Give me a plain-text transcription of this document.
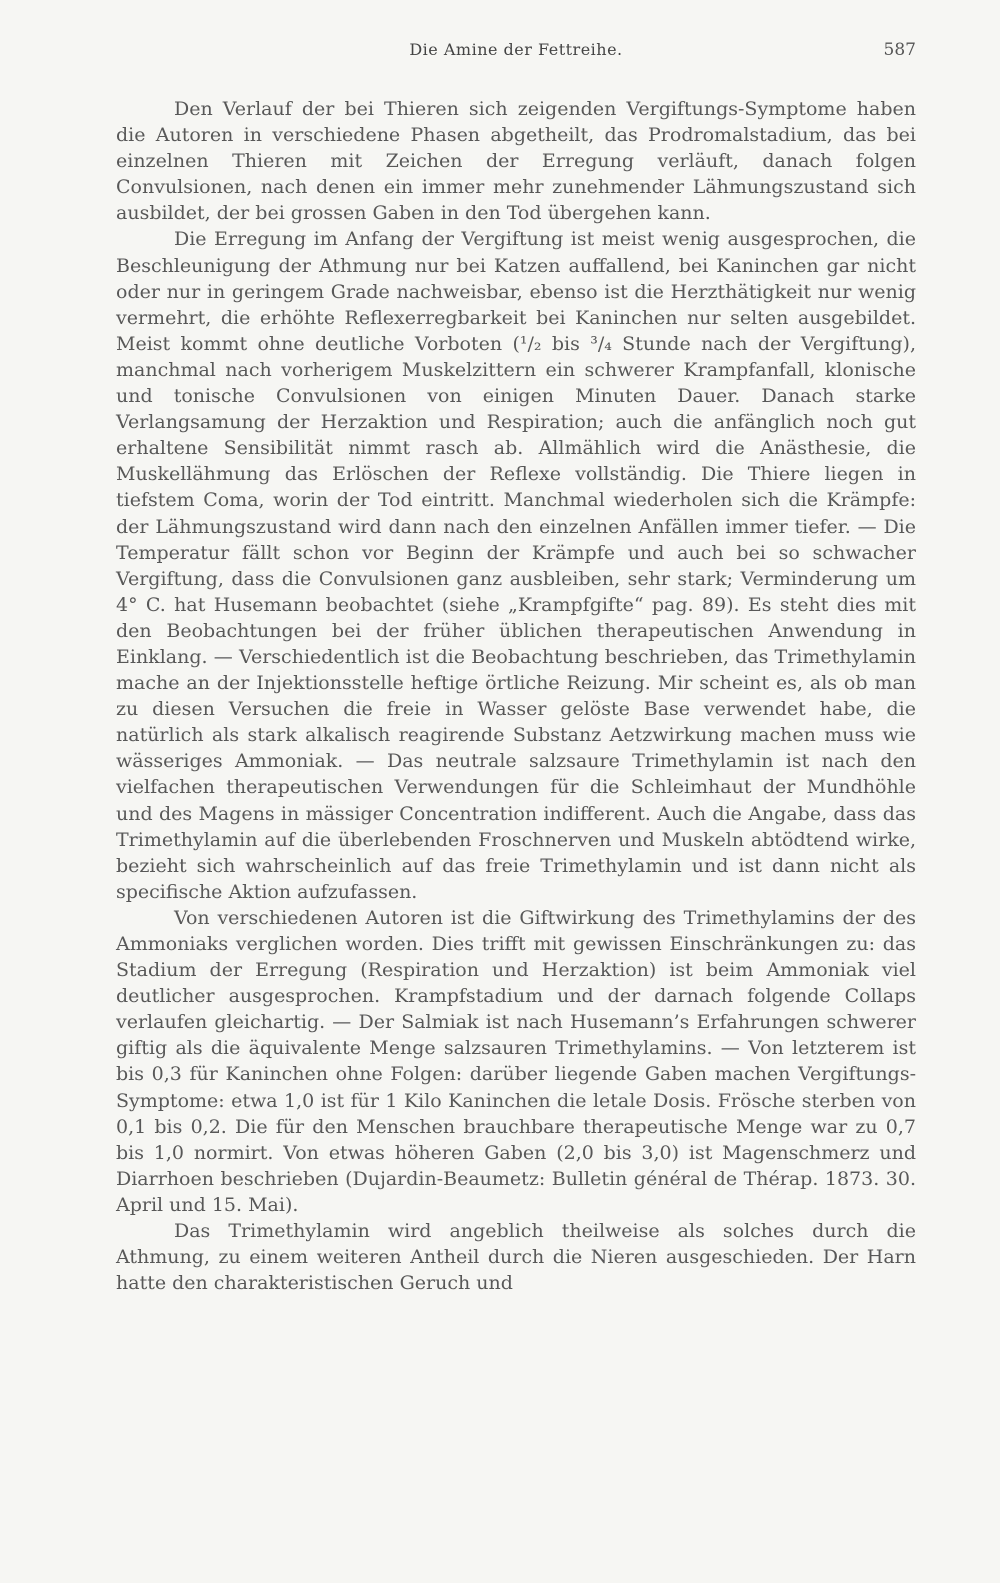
Die Amine der Fettreihe.	587

Den Verlauf der bei Thieren sich zeigenden Vergiftungs-Symptome haben die Autoren in verschiedene Phasen abgetheilt, das Prodromalstadium, das bei einzelnen Thieren mit Zeichen der Erregung verläuft, danach folgen Convulsionen, nach denen ein immer mehr zunehmender Lähmungszustand sich ausbildet, der bei grossen Gaben in den Tod übergehen kann.

Die Erregung im Anfang der Vergiftung ist meist wenig ausgesprochen, die Beschleunigung der Athmung nur bei Katzen auffallend, bei Kaninchen gar nicht oder nur in geringem Grade nachweisbar, ebenso ist die Herzthätigkeit nur wenig vermehrt, die erhöhte Reflexerregbarkeit bei Kaninchen nur selten ausgebildet. Meist kommt ohne deutliche Vorboten (¹/₂ bis ³/₄ Stunde nach der Vergiftung), manchmal nach vorherigem Muskelzittern ein schwerer Krampfanfall, klonische und tonische Convulsionen von einigen Minuten Dauer. Danach starke Verlangsamung der Herzaktion und Respiration; auch die anfänglich noch gut erhaltene Sensibilität nimmt rasch ab. Allmählich wird die Anästhesie, die Muskellähmung das Erlöschen der Reflexe vollständig. Die Thiere liegen in tiefstem Coma, worin der Tod eintritt. Manchmal wiederholen sich die Krämpfe: der Lähmungszustand wird dann nach den einzelnen Anfällen immer tiefer. — Die Temperatur fällt schon vor Beginn der Krämpfe und auch bei so schwacher Vergiftung, dass die Convulsionen ganz ausbleiben, sehr stark; Verminderung um 4° C. hat Husemann beobachtet (siehe „Krampfgifte“ pag. 89). Es steht dies mit den Beobachtungen bei der früher üblichen therapeutischen Anwendung in Einklang. — Verschiedentlich ist die Beobachtung beschrieben, das Trimethylamin mache an der Injektionsstelle heftige örtliche Reizung. Mir scheint es, als ob man zu diesen Versuchen die freie in Wasser gelöste Base verwendet habe, die natürlich als stark alkalisch reagirende Substanz Aetzwirkung machen muss wie wässeriges Ammoniak. — Das neutrale salzsaure Trimethylamin ist nach den vielfachen therapeutischen Verwendungen für die Schleimhaut der Mundhöhle und des Magens in mässiger Concentration indifferent. Auch die Angabe, dass das Trimethylamin auf die überlebenden Froschnerven und Muskeln abtödtend wirke, bezieht sich wahrscheinlich auf das freie Trimethylamin und ist dann nicht als specifische Aktion aufzufassen.

Von verschiedenen Autoren ist die Giftwirkung des Trimethylamins der des Ammoniaks verglichen worden. Dies trifft mit gewissen Einschränkungen zu: das Stadium der Erregung (Respiration und Herzaktion) ist beim Ammoniak viel deutlicher ausgesprochen. Krampfstadium und der darnach folgende Collaps verlaufen gleichartig. — Der Salmiak ist nach Husemann’s Erfahrungen schwerer giftig als die äquivalente Menge salzsauren Trimethylamins. — Von letzterem ist bis 0,3 für Kaninchen ohne Folgen: darüber liegende Gaben machen Vergiftungs-Symptome: etwa 1,0 ist für 1 Kilo Kaninchen die letale Dosis. Frösche sterben von 0,1 bis 0,2. Die für den Menschen brauchbare therapeutische Menge war zu 0,7 bis 1,0 normirt. Von etwas höheren Gaben (2,0 bis 3,0) ist Magenschmerz und Diarrhoen beschrieben (Dujardin-Beaumetz: Bulletin général de Thérap. 1873. 30. April und 15. Mai).

Das Trimethylamin wird angeblich theilweise als solches durch die Athmung, zu einem weiteren Antheil durch die Nieren ausgeschieden. Der Harn hatte den charakteristischen Geruch und
